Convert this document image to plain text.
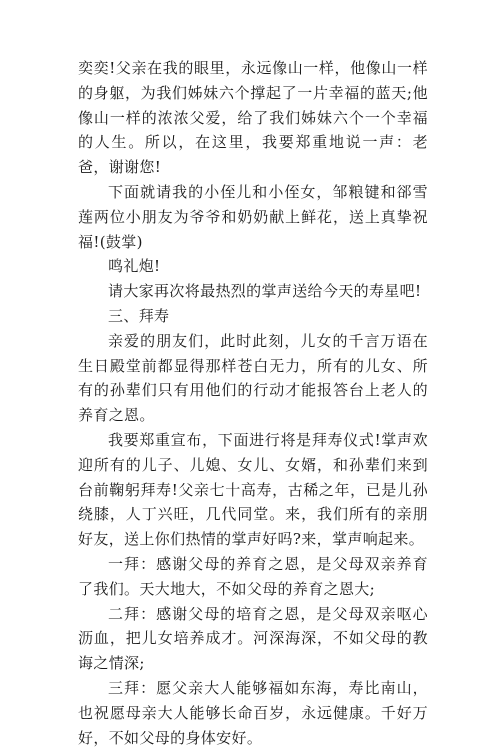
奕奕!父亲在我的眼里，永远像山一样，他像山一样的身躯，为我们姊妹六个撑起了一片幸福的蓝天;他像山一样的浓浓父爱，给了我们姊妹六个一个幸福的人生。所以，在这里，我要郑重地说一声：老爸，谢谢您!

下面就请我的小侄儿和小侄女，邹粮键和郤雪莲两位小朋友为爷爷和奶奶献上鲜花，送上真挚祝福!(鼓掌)

鸣礼炮!

请大家再次将最热烈的掌声送给今天的寿星吧!

三、拜寿

亲爱的朋友们，此时此刻，儿女的千言万语在生日殿堂前都显得那样苍白无力，所有的儿女、所有的孙辈们只有用他们的行动才能报答台上老人的养育之恩。

我要郑重宣布，下面进行将是拜寿仪式!掌声欢迎所有的儿子、儿媳、女儿、女婿，和孙辈们来到台前鞠躬拜寿!父亲七十高寿，古稀之年，已是儿孙绕膝，人丁兴旺，几代同堂。来，我们所有的亲朋好友，送上你们热情的掌声好吗?来，掌声响起来。

一拜：感谢父母的养育之恩，是父母双亲养育了我们。天大地大，不如父母的养育之恩大;

二拜：感谢父母的培育之恩，是父母双亲呕心沥血，把儿女培养成才。河深海深，不如父母的教诲之情深;

三拜：愿父亲大人能够福如东海，寿比南山，也祝愿母亲大人能够长命百岁，永远健康。千好万好，不如父母的身体安好。
